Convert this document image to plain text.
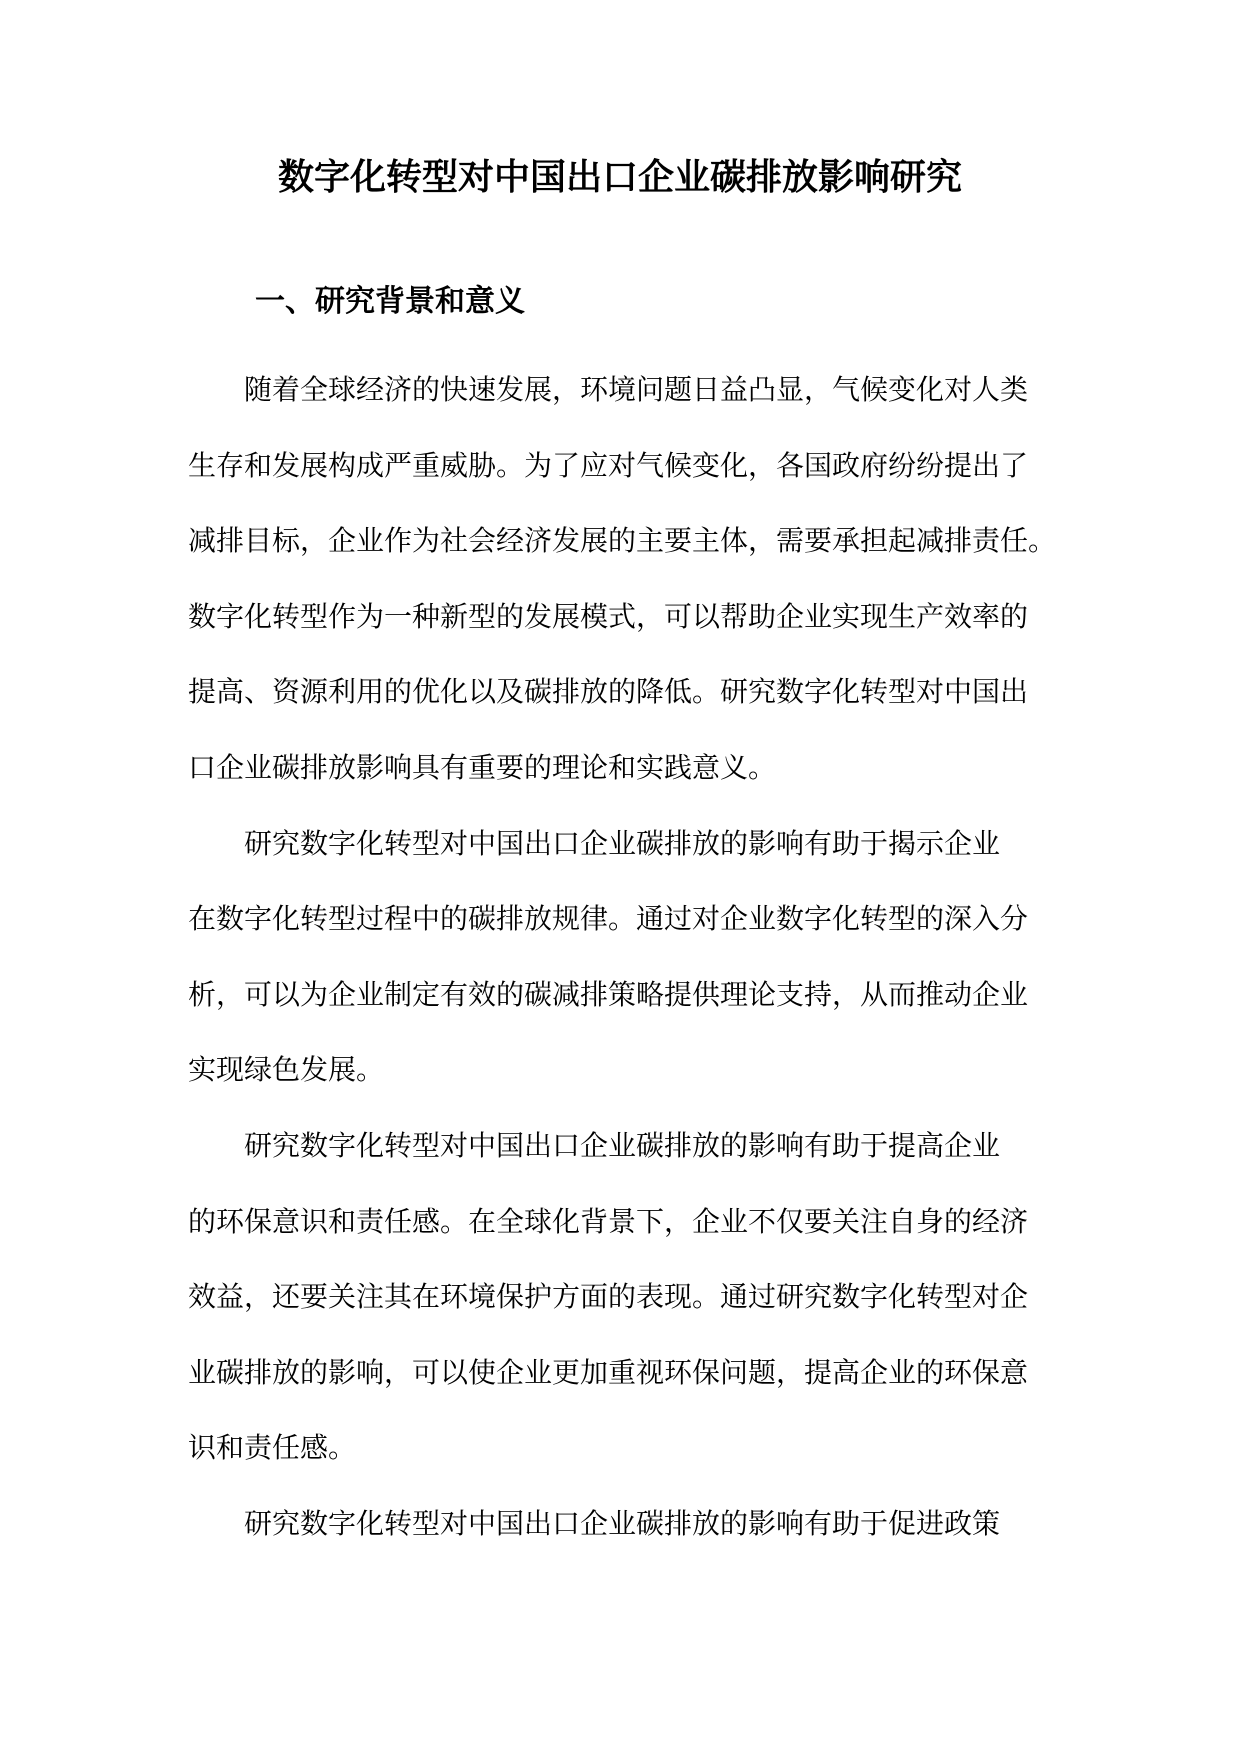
数字化转型对中国出口企业碳排放影响研究
一、研究背景和意义

随着全球经济的快速发展，环境问题日益凸显，气候变化对人类
生存和发展构成严重威胁。为了应对气候变化，各国政府纷纷提出了
减排目标，企业作为社会经济发展的主要主体，需要承担起减排责任。
数字化转型作为一种新型的发展模式，可以帮助企业实现生产效率的
提高、资源利用的优化以及碳排放的降低。研究数字化转型对中国出
口企业碳排放影响具有重要的理论和实践意义。

研究数字化转型对中国出口企业碳排放的影响有助于揭示企业
在数字化转型过程中的碳排放规律。通过对企业数字化转型的深入分
析，可以为企业制定有效的碳减排策略提供理论支持，从而推动企业
实现绿色发展。

研究数字化转型对中国出口企业碳排放的影响有助于提高企业
的环保意识和责任感。在全球化背景下，企业不仅要关注自身的经济
效益，还要关注其在环境保护方面的表现。通过研究数字化转型对企
业碳排放的影响，可以使企业更加重视环保问题，提高企业的环保意
识和责任感。

研究数字化转型对中国出口企业碳排放的影响有助于促进政策
